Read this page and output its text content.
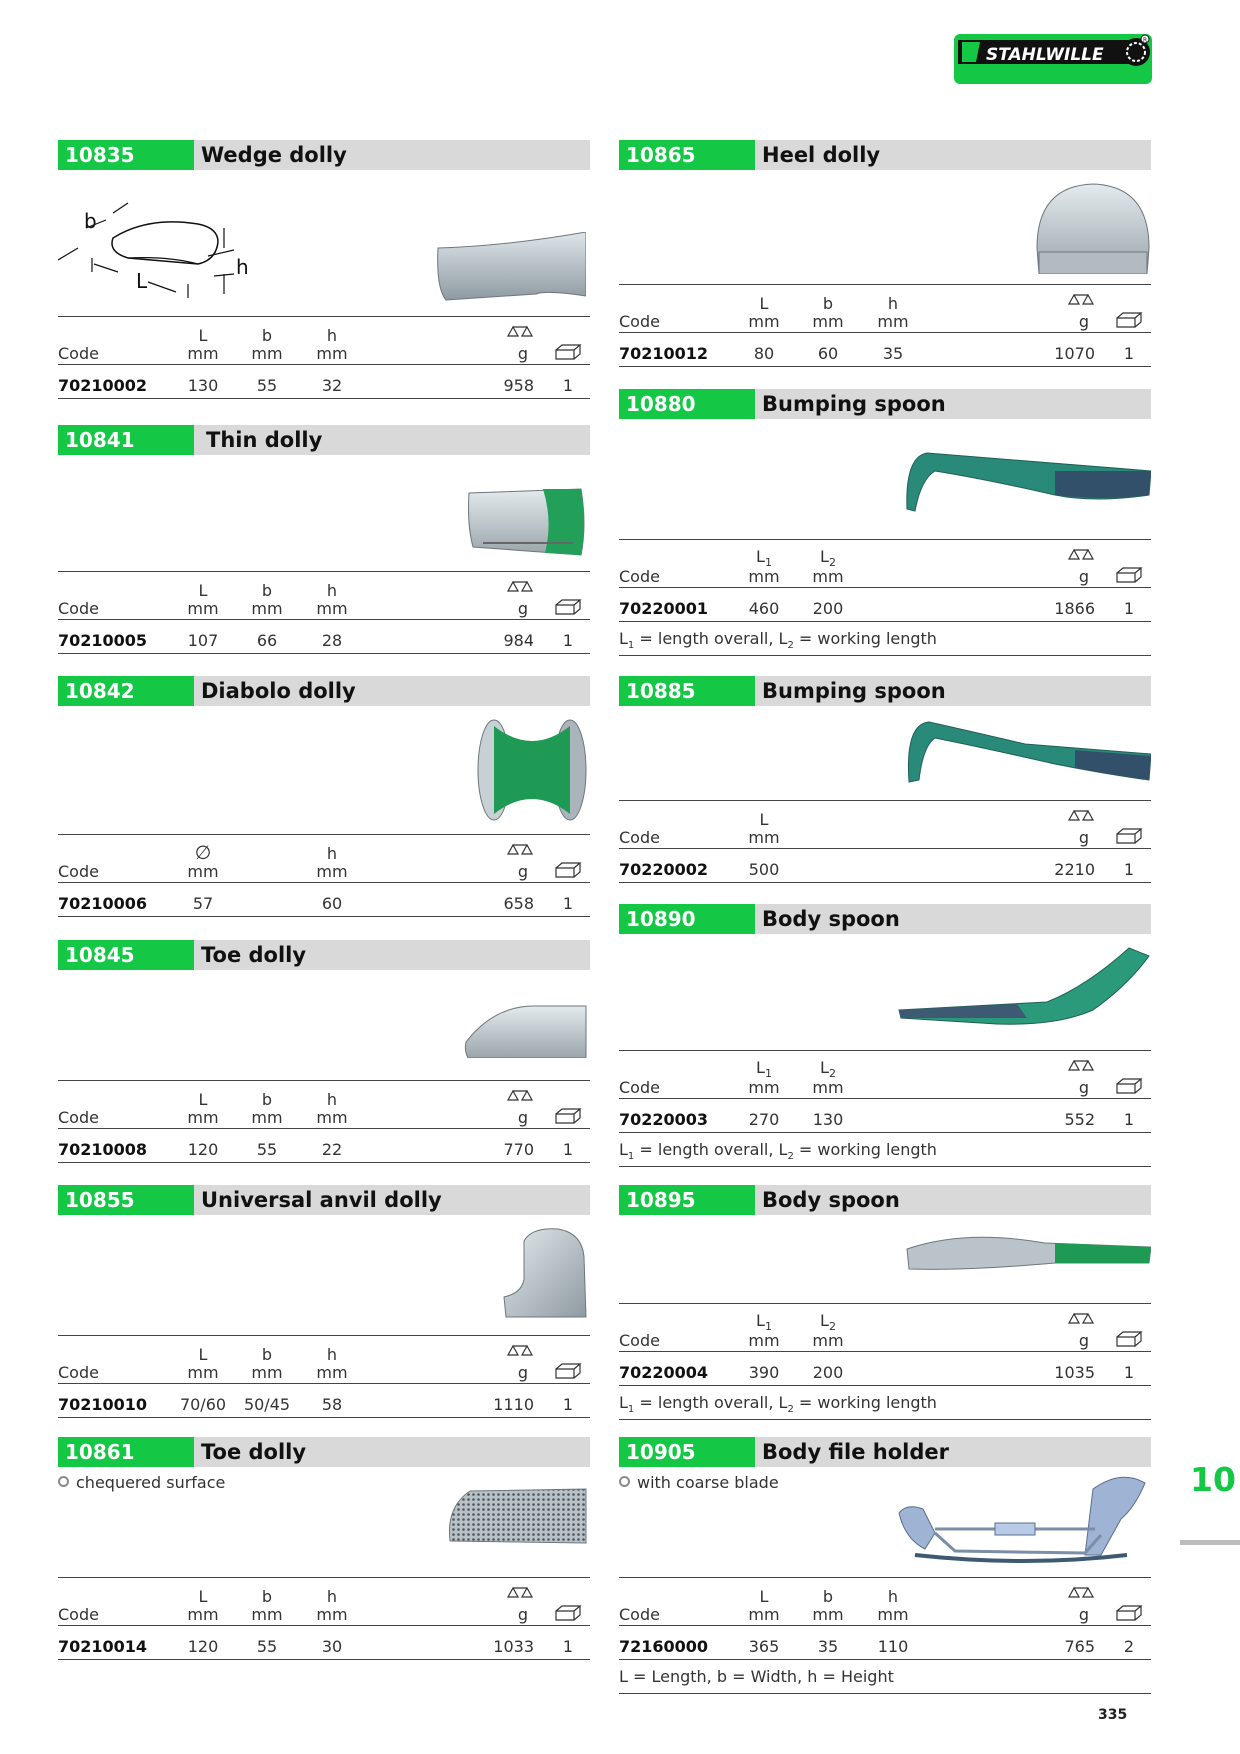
STAHLWILLE
R
10835	Wedge dolly
b
h
L
L	b	h
Code	mm	mm	mm	g
70210002	130	55	32	958	1
10841	Thin dolly
L	b	h
Code	mm	mm	mm	g
70210005	107	66	28	984	1
10842	Diabolo dolly
∅	h
Code	mm	mm	g
70210006	57	60	658	1
10845	Toe dolly
L	b	h
Code	mm	mm	mm	g
70210008	120	55	22	770	1
10855	Universal anvil dolly
L	b	h
Code	mm	mm	mm	g
70210010	70/60	50/45	58	1110	1
10861	Toe dolly
chequered surface
L	b	h
Code	mm	mm	mm	g
70210014	120	55	30	1033	1
10865	Heel dolly
L	b	h
Code	mm	mm	mm	g
70210012	80	60	35	1070	1
10880	Bumping spoon
$L_1$	$L_2$
Code	mm	mm	g
70220001	460	200	1866	1
$L_1$ = length overall, $L_2$ = working length
10885	Bumping spoon
L
Code	mm	g
70220002	500	2210	1
10890	Body spoon
$L_1$	$L_2$
Code	mm	mm	g
70220003	270	130	552	1
$L_1$ = length overall, $L_2$ = working length
10895	Body spoon
$L_1$	$L_2$
Code	mm	mm	g
70220004	390	200	1035	1
$L_1$ = length overall, $L_2$ = working length
10905	Body file holder
with coarse blade
L	b	h
Code	mm	mm	mm	g
72160000	365	35	110	765	2
L = Length, b = Width, h = Height
10
335
